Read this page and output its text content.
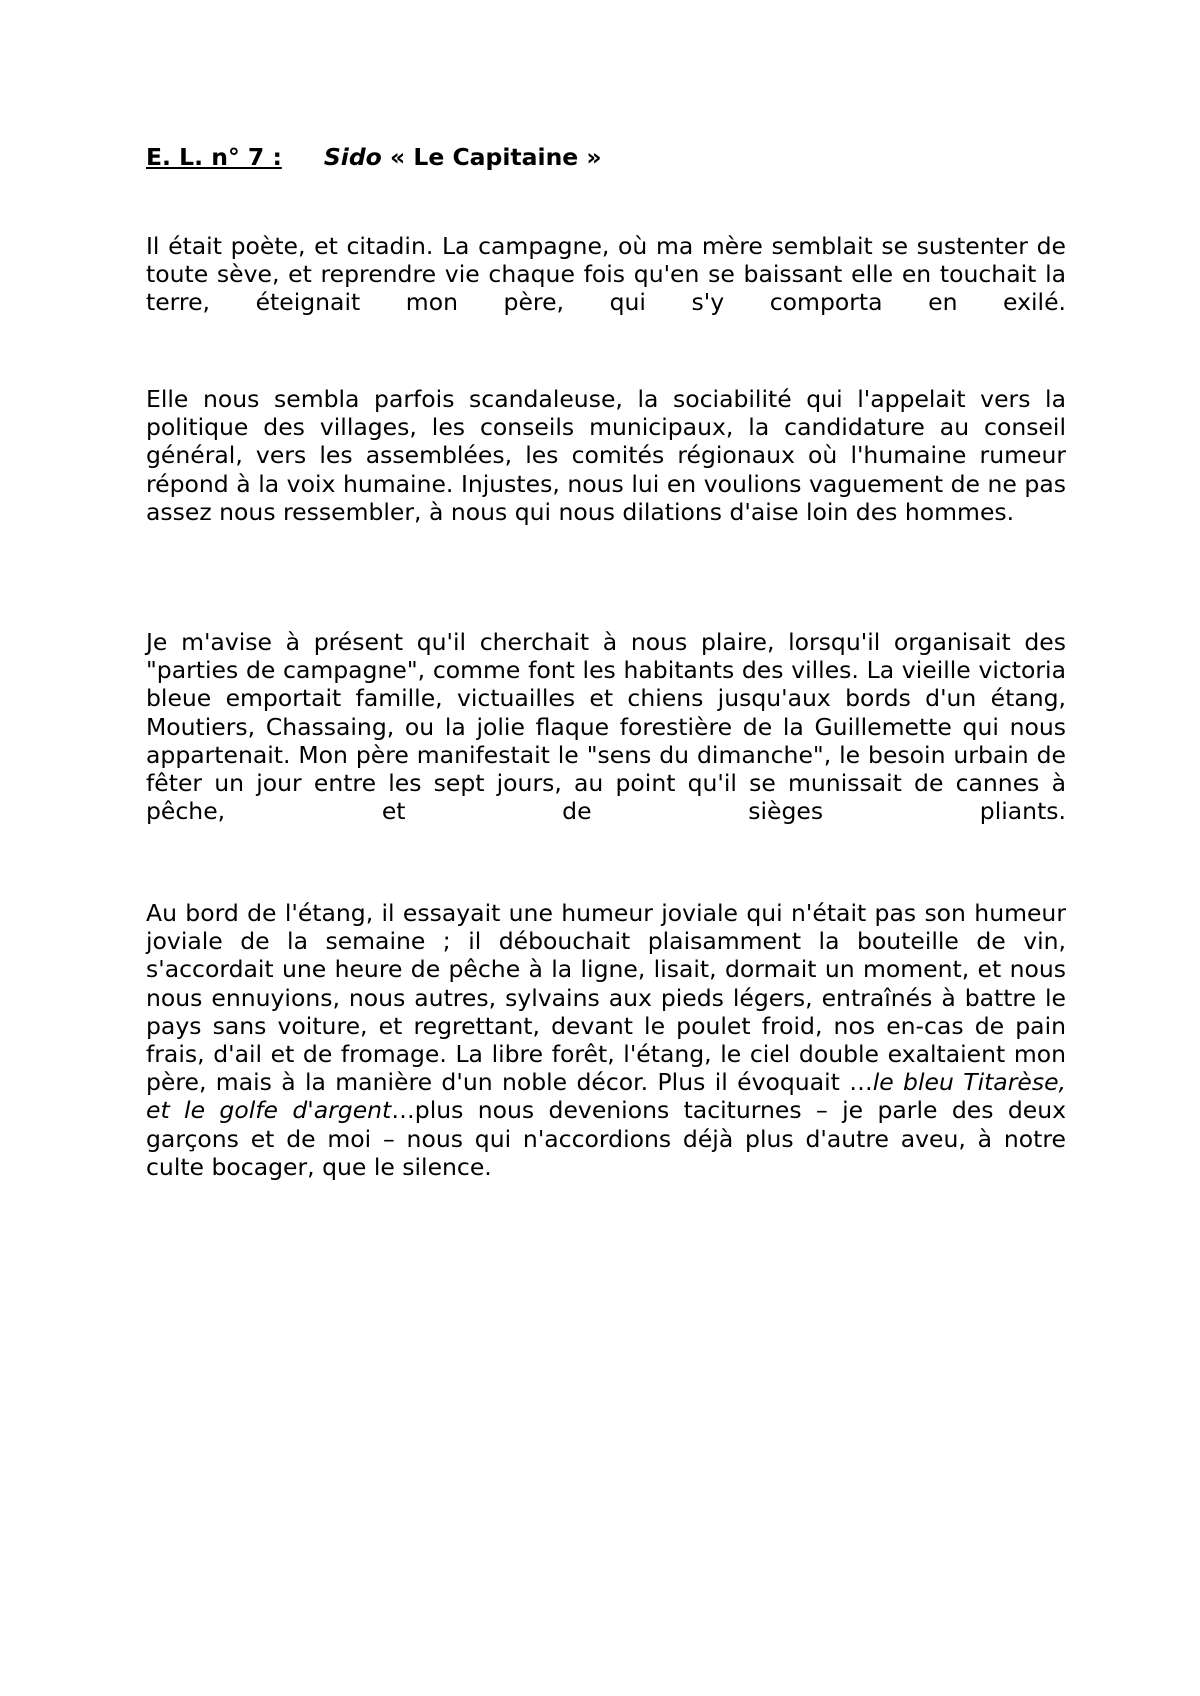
E. L. n° 7 : Sido « Le Capitaine »
Il était poète, et citadin. La campagne, où ma mère semblait se sustenter de toute sève, et reprendre vie chaque fois qu'en se baissant elle en touchait la terre, éteignait mon père, qui s'y comporta en exilé.
Elle nous sembla parfois scandaleuse, la sociabilité qui l'appelait vers la politique des villages, les conseils municipaux, la candidature au conseil général, vers les assemblées, les comités régionaux où l'humaine rumeur répond à la voix humaine. Injustes, nous lui en voulions vaguement de ne pas assez nous ressembler, à nous qui nous dilations d'aise loin des hommes.
Je m'avise à présent qu'il cherchait à nous plaire, lorsqu'il organisait des "parties de campagne", comme font les habitants des villes. La vieille victoria bleue emportait famille, victuailles et chiens jusqu'aux bords d'un étang, Moutiers, Chassaing, ou la jolie flaque forestière de la Guillemette qui nous appartenait. Mon père manifestait le "sens du dimanche", le besoin urbain de fêter un jour entre les sept jours, au point qu'il se munissait de cannes à pêche, et de sièges pliants.
Au bord de l'étang, il essayait une humeur joviale qui n'était pas son humeur joviale de la semaine ; il débouchait plaisamment la bouteille de vin, s'accordait une heure de pêche à la ligne, lisait, dormait un moment, et nous nous ennuyions, nous autres, sylvains aux pieds légers, entraînés à battre le pays sans voiture, et regrettant, devant le poulet froid, nos en-cas de pain frais, d'ail et de fromage. La libre forêt, l'étang, le ciel double exaltaient mon père, mais à la manière d'un noble décor. Plus il évoquait …le bleu Titarèse, et le golfe d'argent…plus nous devenions taciturnes – je parle des deux garçons et de moi – nous qui n'accordions déjà plus d'autre aveu, à notre culte bocager, que le silence.
